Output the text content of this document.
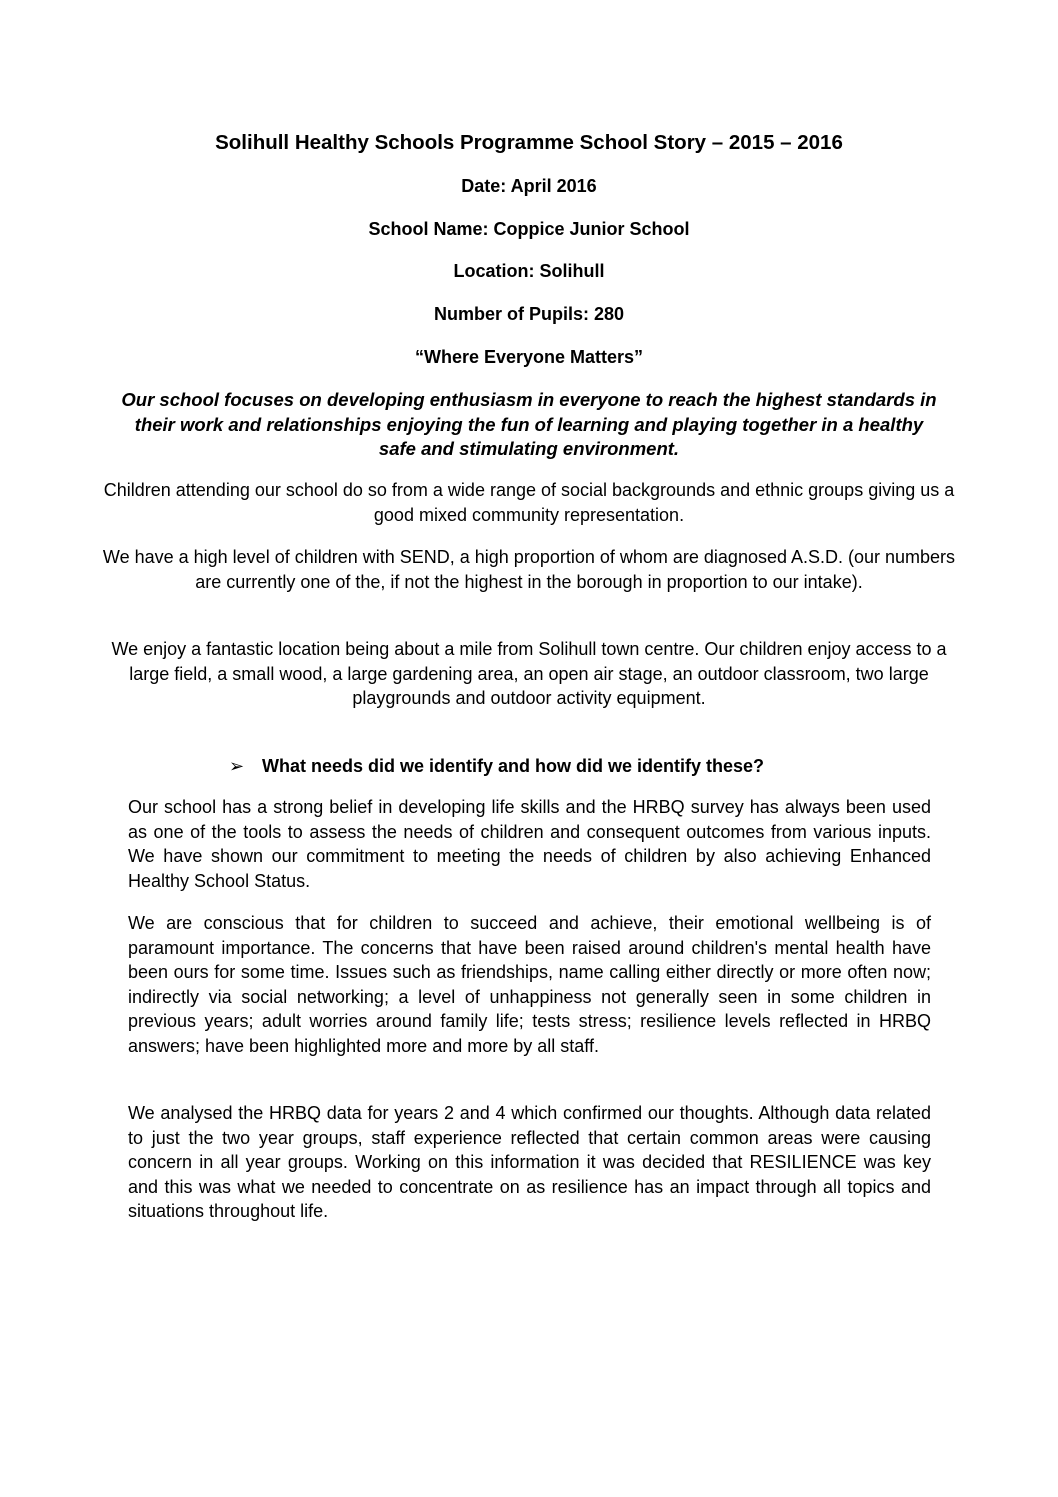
Solihull Healthy Schools Programme School Story – 2015 – 2016

Date: April 2016

School Name: Coppice Junior School

Location: Solihull

Number of Pupils: 280

“Where Everyone Matters”

Our school focuses on developing enthusiasm in everyone to reach the highest standards in their work and relationships enjoying the fun of learning and playing together in a healthy safe and stimulating environment.

Children attending our school do so from a wide range of social backgrounds and ethnic groups giving us a good mixed community representation.

We have a high level of children with SEND, a high proportion of whom are diagnosed A.S.D. (our numbers are currently one of the, if not the highest in the borough in proportion to our intake).

We enjoy a fantastic location being about a mile from Solihull town centre. Our children enjoy access to a large field, a small wood, a large gardening area, an open air stage, an outdoor classroom, two large playgrounds and outdoor activity equipment.

➢ What needs did we identify and how did we identify these?

Our school has a strong belief in developing life skills and the HRBQ survey has always been used as one of the tools to assess the needs of children and consequent outcomes from various inputs. We have shown our commitment to meeting the needs of children by also achieving Enhanced Healthy School Status.

We are conscious that for children to succeed and achieve, their emotional wellbeing is of paramount importance. The concerns that have been raised around children's mental health have been ours for some time. Issues such as friendships, name calling either directly or more often now; indirectly via social networking; a level of unhappiness not generally seen in some children in previous years; adult worries around family life; tests stress; resilience levels reflected in HRBQ answers; have been highlighted more and more by all staff.

We analysed the HRBQ data for years 2 and 4 which confirmed our thoughts. Although data related to just the two year groups, staff experience reflected that certain common areas were causing concern in all year groups. Working on this information it was decided that RESILIENCE was key and this was what we needed to concentrate on as resilience has an impact through all topics and situations throughout life.
